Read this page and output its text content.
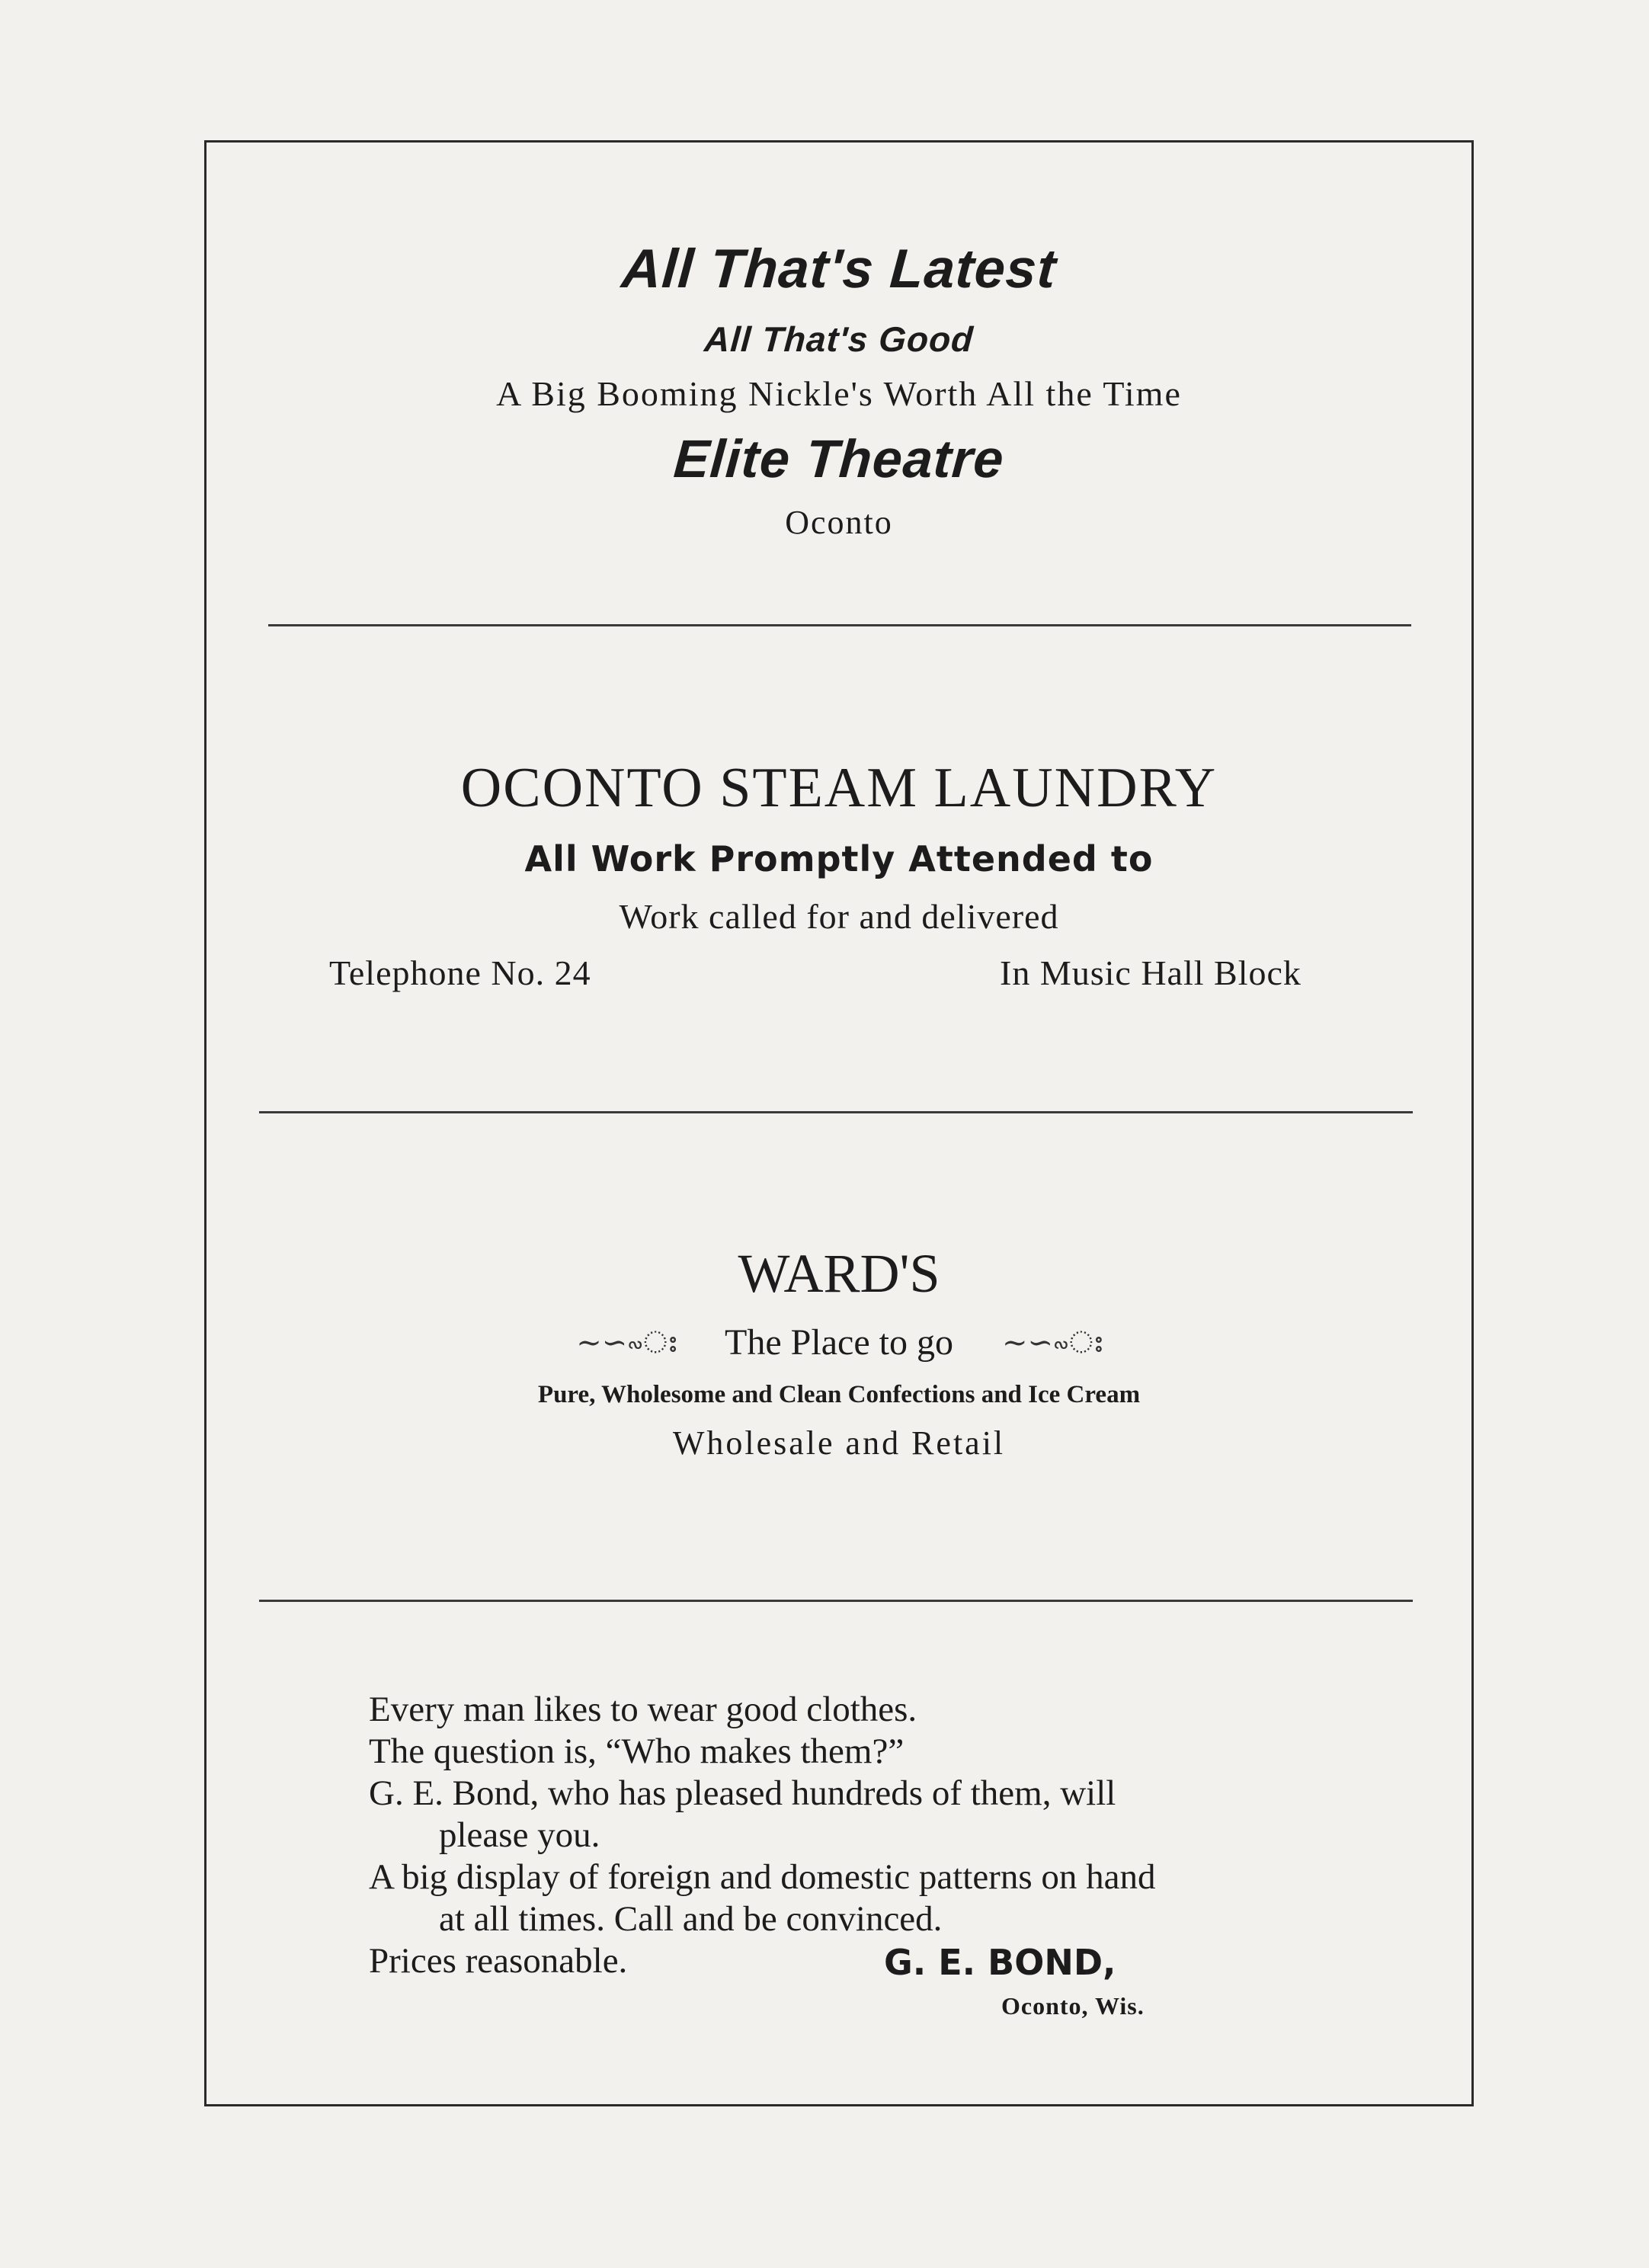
All That's Latest
All That's Good
A Big Booming Nickle's Worth All the Time
Elite Theatre
Oconto
OCONTO STEAM LAUNDRY
All Work Promptly Attended to
Work called for and delivered
Telephone No. 24	In Music Hall Block
WARD'S
~∽∾ഃ The Place to go ~∽∾ഃ
Pure, Wholesome and Clean Confections and Ice Cream
Wholesale and Retail
Every man likes to wear good clothes.
The question is, “Who makes them?”
G. E. Bond, who has pleased hundreds of them, will
please you.
A big display of foreign and domestic patterns on hand
at all times. Call and be convinced.
Prices reasonable.	G. E. BOND,
Oconto, Wis.
